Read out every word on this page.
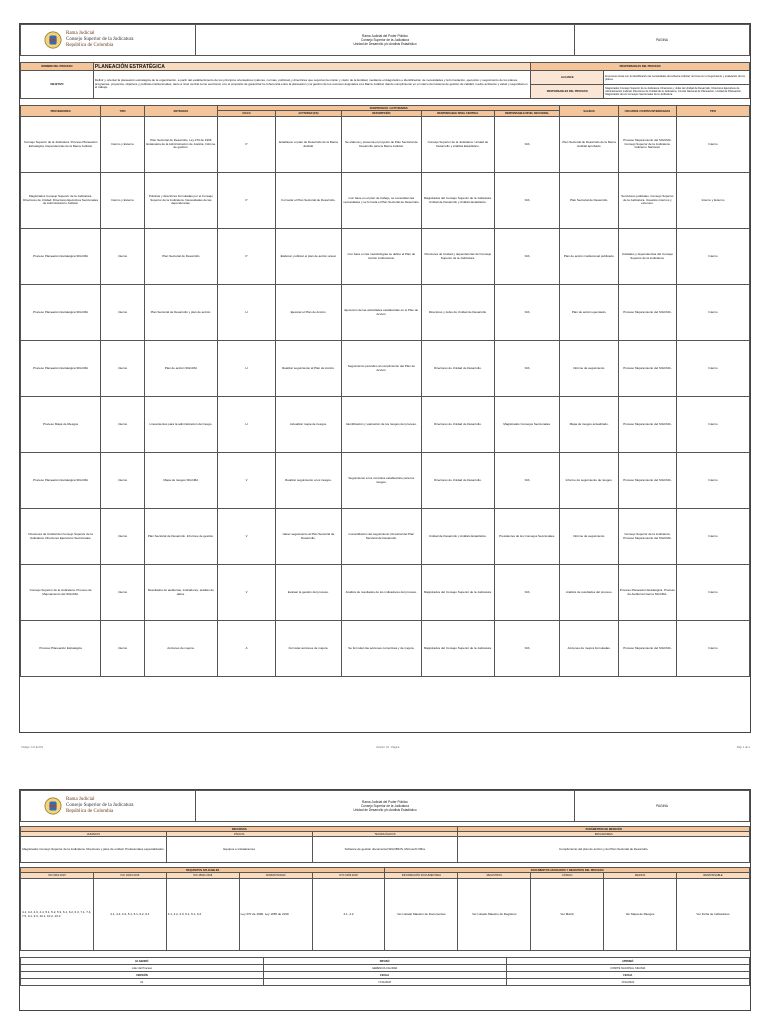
Rama Judicial
Consejo Superior de la Judicatura
República de Colombia

Rama Judicial del Poder Público
Consejo Superior de la Judicatura
Unidad de Desarrollo y/o Análisis Estadístico
	PAGINA
NOMBRE DEL PROCESO	PLANEACIÓN ESTRATÉGICA	RESPONSABLES DEL PROCESO	
OBJETIVO	Definir y orientar la planeación estratégica de la organización, a partir del establecimiento de los principios orientadores (valores, normas, políticas) y directrices que soportan la misión y visión de la Entidad, mediante el diagnóstico e identificación de necesidades y la formulación, ejecución y seguimiento de los planes, programas, proyectos, objetivos y políticas institucionales, tanto a nivel central como seccional, con el propósito de garantizar la coherencia entre la planeación y la gestión de los recursos asignados a la Rama Judicial, dando cumplimiento en el marco del sistema de gestión de calidad, medio ambiente y salud y seguridad en el trabajo.	ALCANCE	El proceso inicia con la identificación de necesidades de la Rama Judicial, termina con el seguimiento y evaluación de los planes.
		RESPONSABLES DEL PROCESO	Magistrados Consejo Superior de la Judicatura, Directores y Jefes de Unidad de Desarrollo, Directores Ejecutivos de Administración Judicial, Directores de Unidad de la Judicatura, Comité Nacional de Planeación, Unidad de Planeación, Magistrados de los Consejos Seccionales de la Judicatura.
PROVEEDORES	TIPO	ENTRADAS	SUBPROCESO / ACTIVIDADES					SALIDAS	USUARIOS / PARTES INTERESADAS	TIPO
			CICLO	ACTIVIDAD (ES)	DESCRIPCIÓN	RESPONSABLE NIVEL CENTRAL	RESPONSABLE NIVEL SECCIONAL			
Consejo Superior de la Judicatura. Proceso Planeación Estratégica. Dependencias de la Rama Judicial.	Interno y Externo	Plan Sectorial de Desarrollo, Ley 270 de 1996 Estatutaria de la Administración de Justicia. Informe de gestión.	P	Establecer el plan de Desarrollo de la Rama Judicial.	Se elabora y presenta el proyecto de Plan Sectorial de Desarrollo para la Rama Judicial.	Consejo Superior de la Judicatura. Unidad de Desarrollo y Análisis Estadístico.	N/A	Plan Sectorial de Desarrollo de la Rama Judicial aprobado.	Proceso Mejoramiento del SIGCMA. Consejo Superior de la Judicatura. Gobierno Nacional.	Interno
Magistrados Consejo Superior de la Judicatura. Directores de Unidad. Directores Ejecutivos Seccionales de Administración Judicial.	Interno y Externo	Políticas y directrices formuladas por el Consejo Superior de la Judicatura. Necesidades de las dependencias.	P	Formular el Plan Sectorial de Desarrollo.	Con base en el plan de trabajo, se consolidan las necesidades y se formula el Plan Sectorial de Desarrollo.	Magistrados del Consejo Superior de la Judicatura. Unidad de Desarrollo y Análisis Estadístico.	N/A	Plan Sectorial de Desarrollo.	Servidores judiciales. Consejo Superior de la Judicatura. Usuarios internos y externos.	Interno y Externo
Proceso Planeación Estratégica SIGCMA	Interno	Plan Sectorial de Desarrollo	P	Elaborar, publicar el plan de acción anual.	Con base en las metodologías se define el Plan de Acción institucional.	Directores de Unidad y dependencias del Consejo Superior de la Judicatura.	N/A	Plan de acción institucional publicado.	Unidades y dependencias del Consejo Superior de la Judicatura.	Interno
Proceso Planeación Estratégica SIGCMA	Interno	Plan Sectorial de Desarrollo y plan de acción.	H	Ejecutar el Plan de Acción.	Ejecución de las actividades establecidas en el Plan de Acción.	Directores y Jefes de Unidad de Desarrollo.	N/A	Plan de acción ejecutado.	Proceso Mejoramiento del SIGCMA.	Interno
Proceso Planeación Estratégica SIGCMA	Interno	Plan de acción SIGCMA	H	Realizar seguimiento al Plan de Acción.	Seguimiento periódico al cumplimiento del Plan de Acción.	Directores de Unidad de Desarrollo.	N/A	Informe de seguimiento.	Proceso Mejoramiento del SIGCMA.	Interno
Proceso Mapa de Riesgos	Interno	Lineamientos para la administración del riesgo.	H	Actualizar mapa de riesgos.	Identificación y valoración de los riesgos del proceso.	Directores de Unidad de Desarrollo.	Magistrados Consejos Seccionales.	Mapa de riesgos actualizado.	Proceso Mejoramiento del SIGCMA.	Interno
Proceso Planeación Estratégica SIGCMA	Interno	Mapa de riesgos SIGCMA	V	Realizar seguimiento a los riesgos.	Seguimiento a los controles establecidos para los riesgos.	Directores de Unidad de Desarrollo.	N/A	Informe de seguimiento de riesgos.	Proceso Mejoramiento del SIGCMA.	Interno
Directores de Unidad del Consejo Superior de la Judicatura. Directores Ejecutivos Seccionales.	Interno	Plan Sectorial de Desarrollo. Informes de gestión.	V	Hacer seguimiento al Plan Sectorial de Desarrollo.	Consolidación del seguimiento trimestral del Plan Sectorial de Desarrollo.	Unidad de Desarrollo y Análisis Estadístico.	Presidentes de los Consejos Seccionales.	Informe de seguimiento.	Consejo Superior de la Judicatura. Proceso Mejoramiento del SIGCMA.	Interno
Consejo Superior de la Judicatura. Proceso de Mejoramiento del SIGCMA.	Interno	Resultados de auditorías, indicadores, análisis de datos.	V	Evaluar la gestión del proceso.	Análisis de resultados de los indicadores del proceso.	Magistrados del Consejo Superior de la Judicatura.	N/A	Análisis de resultados del proceso.	Proceso Planeación Estratégica. Proceso de Auditoría Interna SIGCMA.	Interno
Proceso Planeación Estratégica	Interno	Acciones de mejora.	A	Formular acciones de mejora.	Se formulan las acciones correctivas y de mejora.	Magistrados del Consejo Superior de la Judicatura.	N/A	Acciones de mejora formuladas.	Proceso Mejoramiento del SIGCMA.	Interno
Código: C-P-E-F01	Versión: 01 · Página	Pág. 1 de 2
Rama Judicial
Consejo Superior de la Judicatura
República de Colombia

Rama Judicial del Poder Público
Consejo Superior de la Judicatura
Unidad de Desarrollo y/o Análisis Estadístico
	PAGINA
RECURSOS			PARÁMETROS DE MEDICIÓN
HUMANOS	FÍSICOS	TECNOLÓGICOS	INDICADORES
Magistrados Consejo Superior de la Judicatura. Directores y jefes de unidad. Profesionales especializados.	Equipos e instalaciones	Software de gestión documental SIGOBIUS, Microsoft Office	Cumplimiento del plan de acción y del Plan Sectorial de Desarrollo.
REQUISITOS APLICABLES					DOCUMENTOS ASOCIADOS Y REGISTROS DEL PROCESO				
ISO 9001:2015	ISO 14001:2015	ISO 45001:2018	NORMATIVIDAD	NTC 6256:2018	INFORMACIÓN DOCUMENTADA	REGISTROS	CÓDIGO	MEDIOS	RESPONSABLE
4.1, 4.2, 4.3, 4.4, 5.1, 5.2, 5.3, 6.1, 6.2, 6.3, 7.1, 7.4, 7.5, 9.1, 9.3, 10.1, 10.2, 10.3	4.1, 4.2, 4.3, 5.1, 6.1, 6.2, 9.1	4.1, 4.2, 4.3, 5.1, 6.1, 6.2	Ley 270 de 1996, Ley 1955 de 2019	4.1, 4.2	Ver Listado Maestro de Documentos	Ver Listado Maestro de Registros	Ver Matriz	Ver Mapa de Riesgos	Ver Ficha de Indicadores
ELABORÓ	REVISÓ	APROBÓ
Líder del Proceso	GERENCIA CALIDAD	COMITÉ NACIONAL SIGCMA
VERSIÓN	FECHA	FECHA
01	17/11/2020	17/11/2020
